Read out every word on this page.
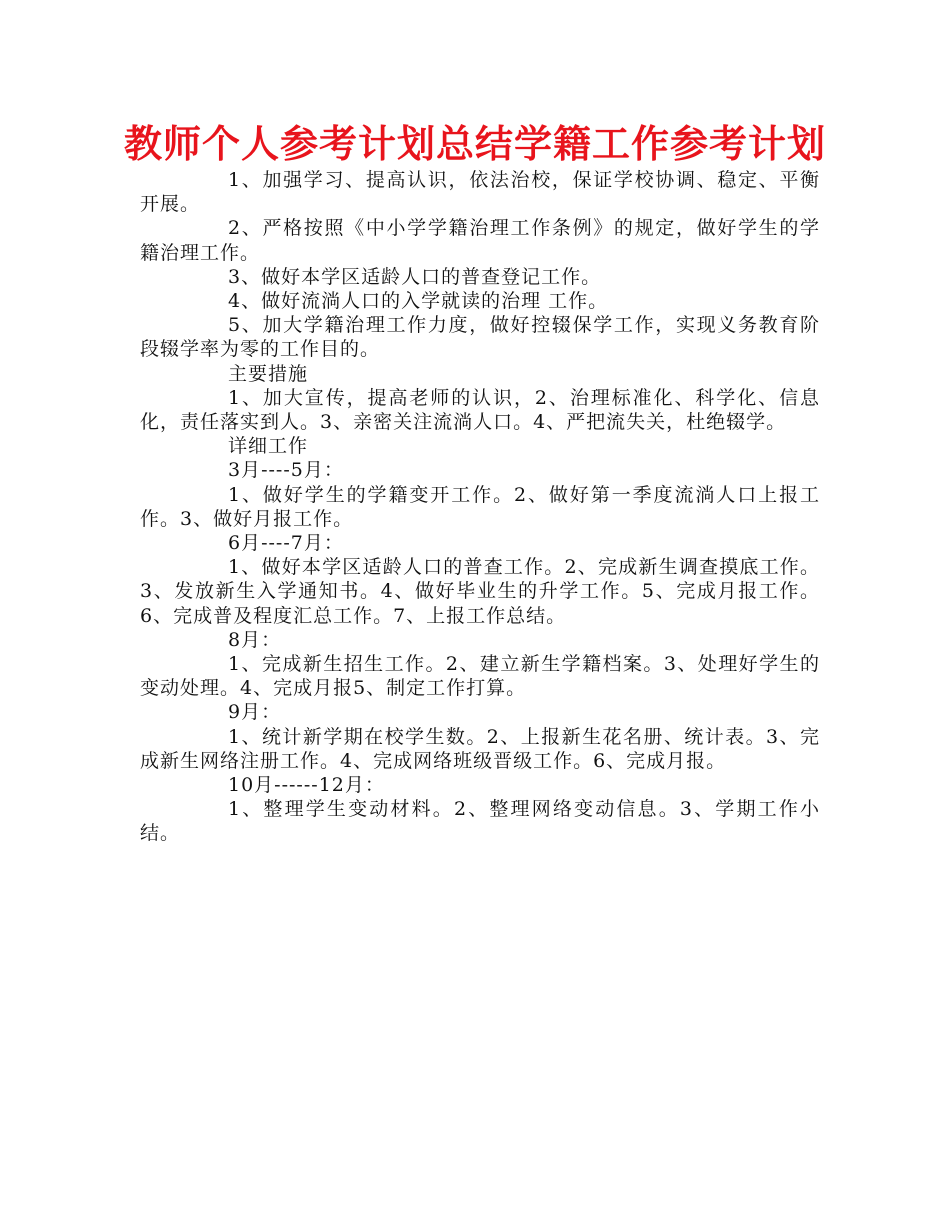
教师个人参考计划总结学籍工作参考计划

1、加强学习、提高认识，依法治校，保证学校协调、稳定、平衡开展。

2、严格按照《中小学学籍治理工作条例》的规定，做好学生的学籍治理工作。

3、做好本学区适龄人口的普查登记工作。

4、做好流淌人口的入学就读的治理 工作。

5、加大学籍治理工作力度，做好控辍保学工作，实现义务教育阶段辍学率为零的工作目的。

主要措施

1、加大宣传，提高老师的认识，2、治理标准化、科学化、信息化，责任落实到人。3、亲密关注流淌人口。4、严把流失关，杜绝辍学。

详细工作

3月----5月：

1、做好学生的学籍变开工作。2、做好第一季度流淌人口上报工作。3、做好月报工作。

6月----7月：

1、做好本学区适龄人口的普查工作。2、完成新生调查摸底工作。3、发放新生入学通知书。4、做好毕业生的升学工作。5、完成月报工作。6、完成普及程度汇总工作。7、上报工作总结。

8月：

1、完成新生招生工作。2、建立新生学籍档案。3、处理好学生的变动处理。4、完成月报5、制定工作打算。

9月：

1、统计新学期在校学生数。2、上报新生花名册、统计表。3、完成新生网络注册工作。4、完成网络班级晋级工作。6、完成月报。

10月------12月：

1、整理学生变动材料。2、整理网络变动信息。3、学期工作小结。
